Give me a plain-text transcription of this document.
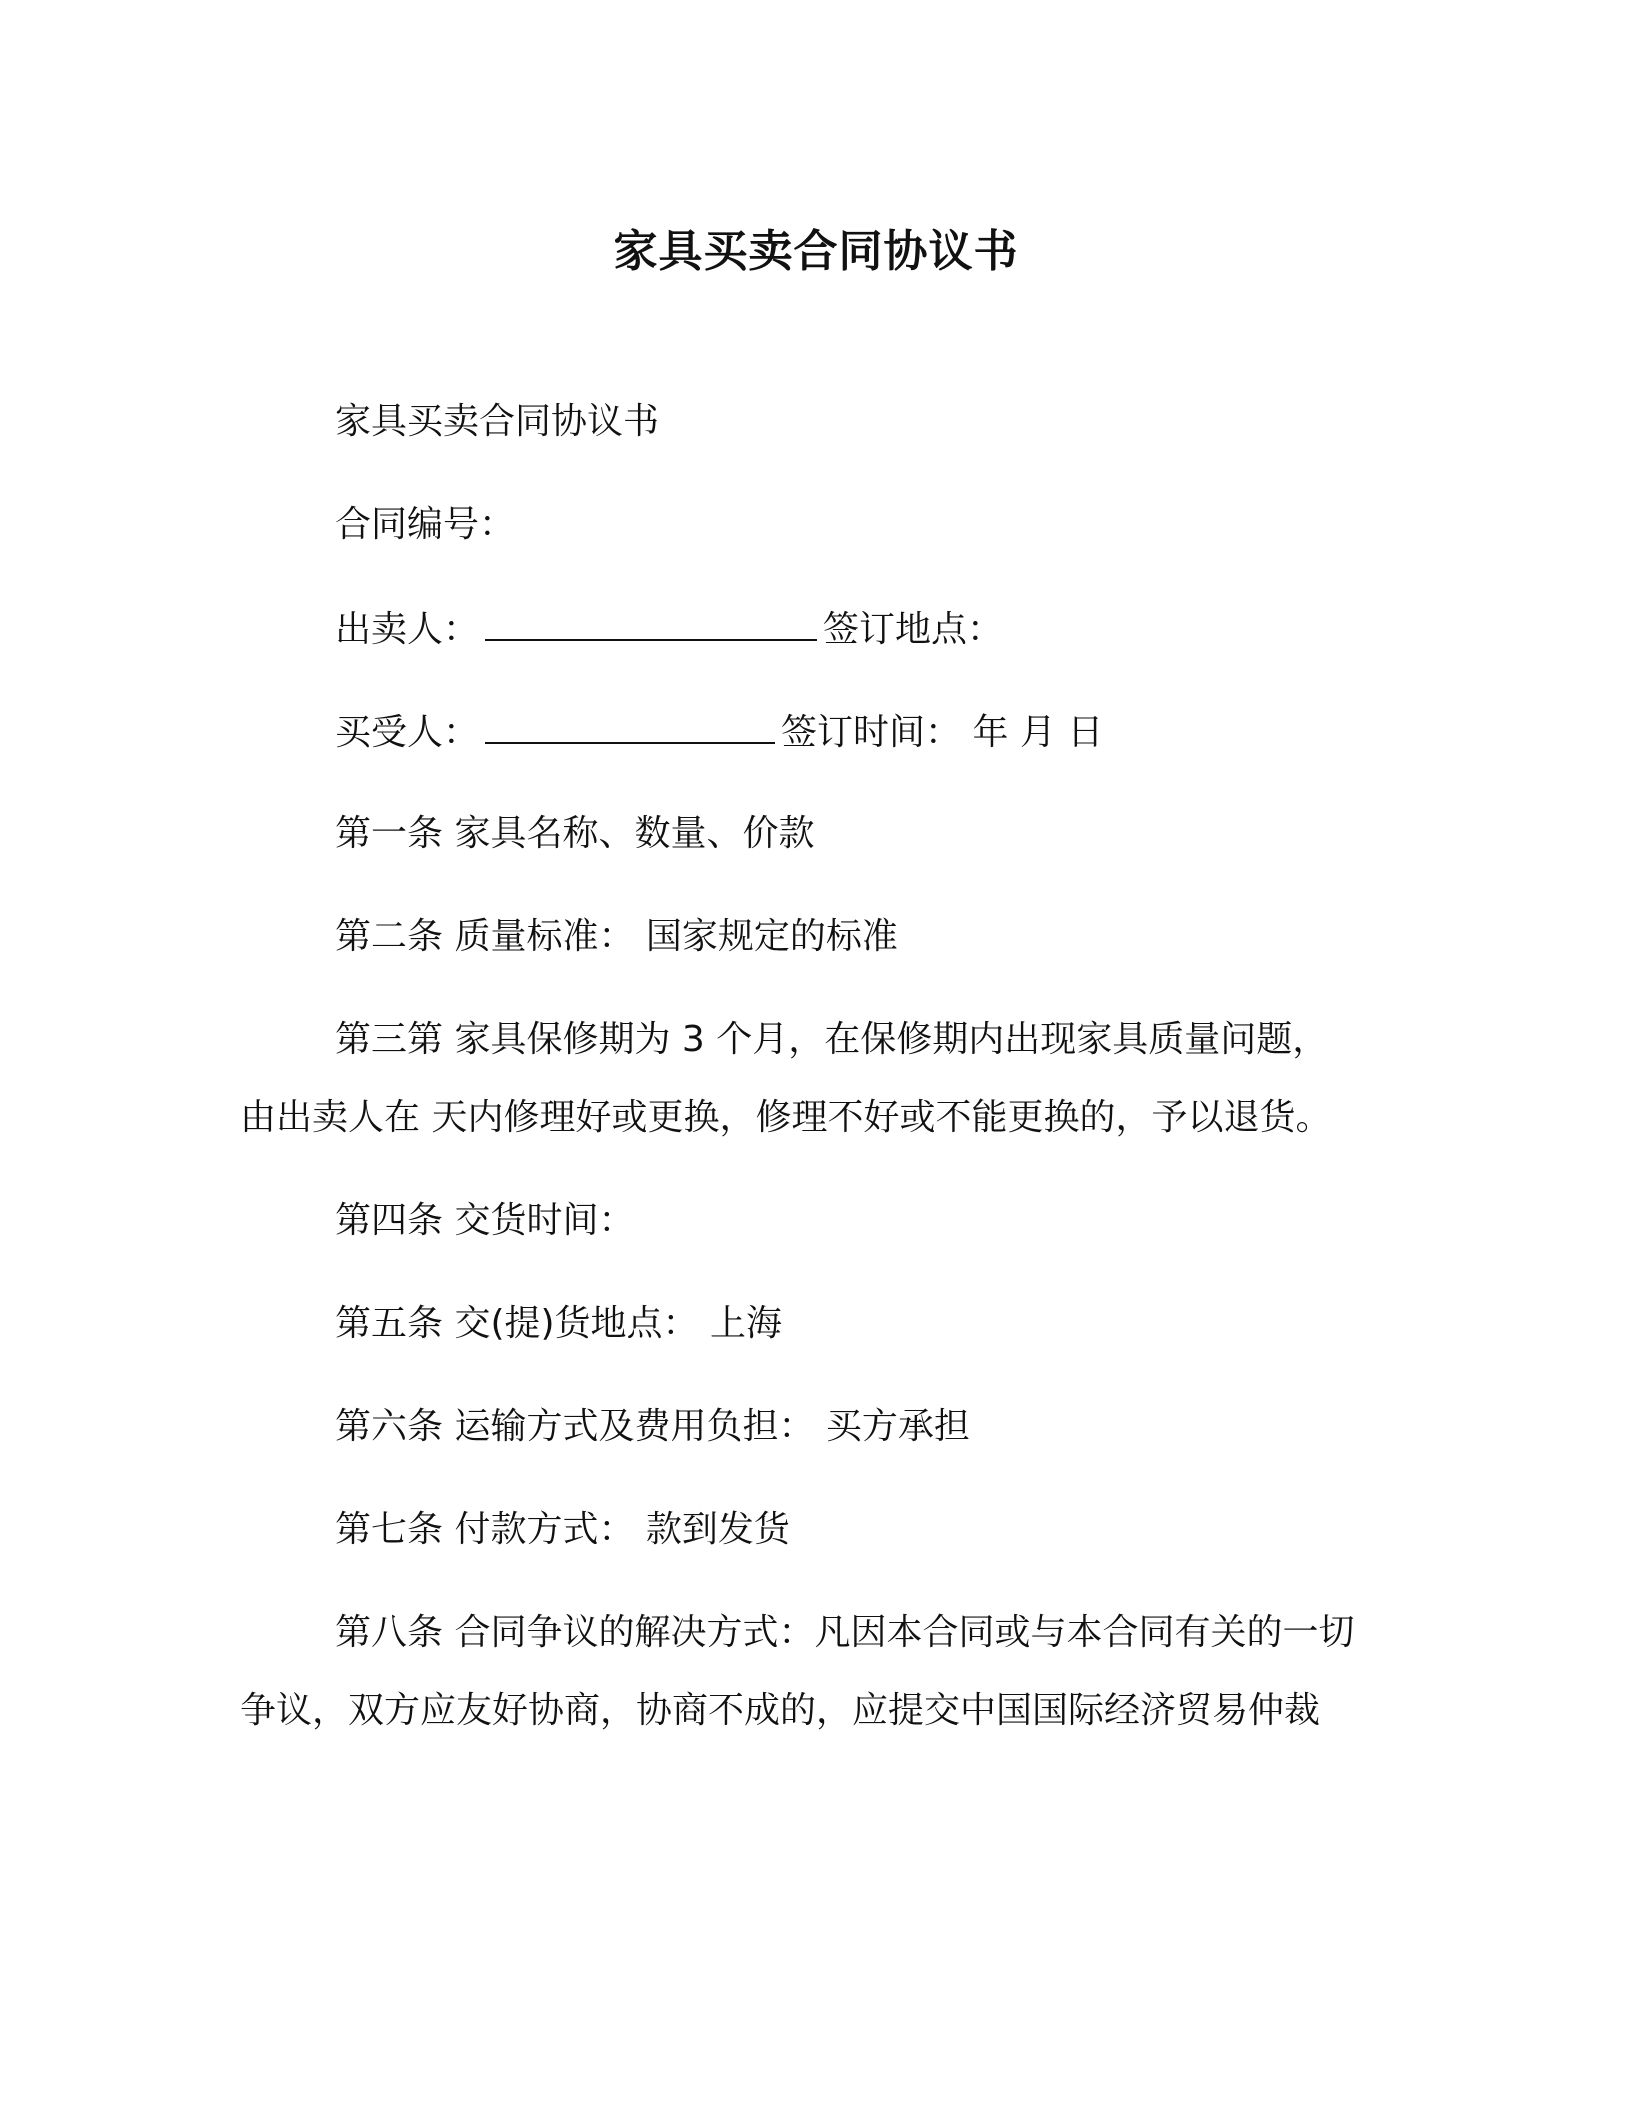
家具买卖合同协议书
家具买卖合同协议书
合同编号：
出卖人：	签订地点：
买受人：	签订时间： 年 月 日
第一条 家具名称、数量、价款
第二条 质量标准： 国家规定的标准
第三第 家具保修期为 3 个月，在保修期内出现家具质量问题，
由出卖人在 天内修理好或更换，修理不好或不能更换的，予以退货。
第四条 交货时间：
第五条 交(提)货地点： 上海
第六条 运输方式及费用负担： 买方承担
第七条 付款方式： 款到发货
第八条 合同争议的解决方式：凡因本合同或与本合同有关的一切
争议，双方应友好协商，协商不成的，应提交中国国际经济贸易仲裁
